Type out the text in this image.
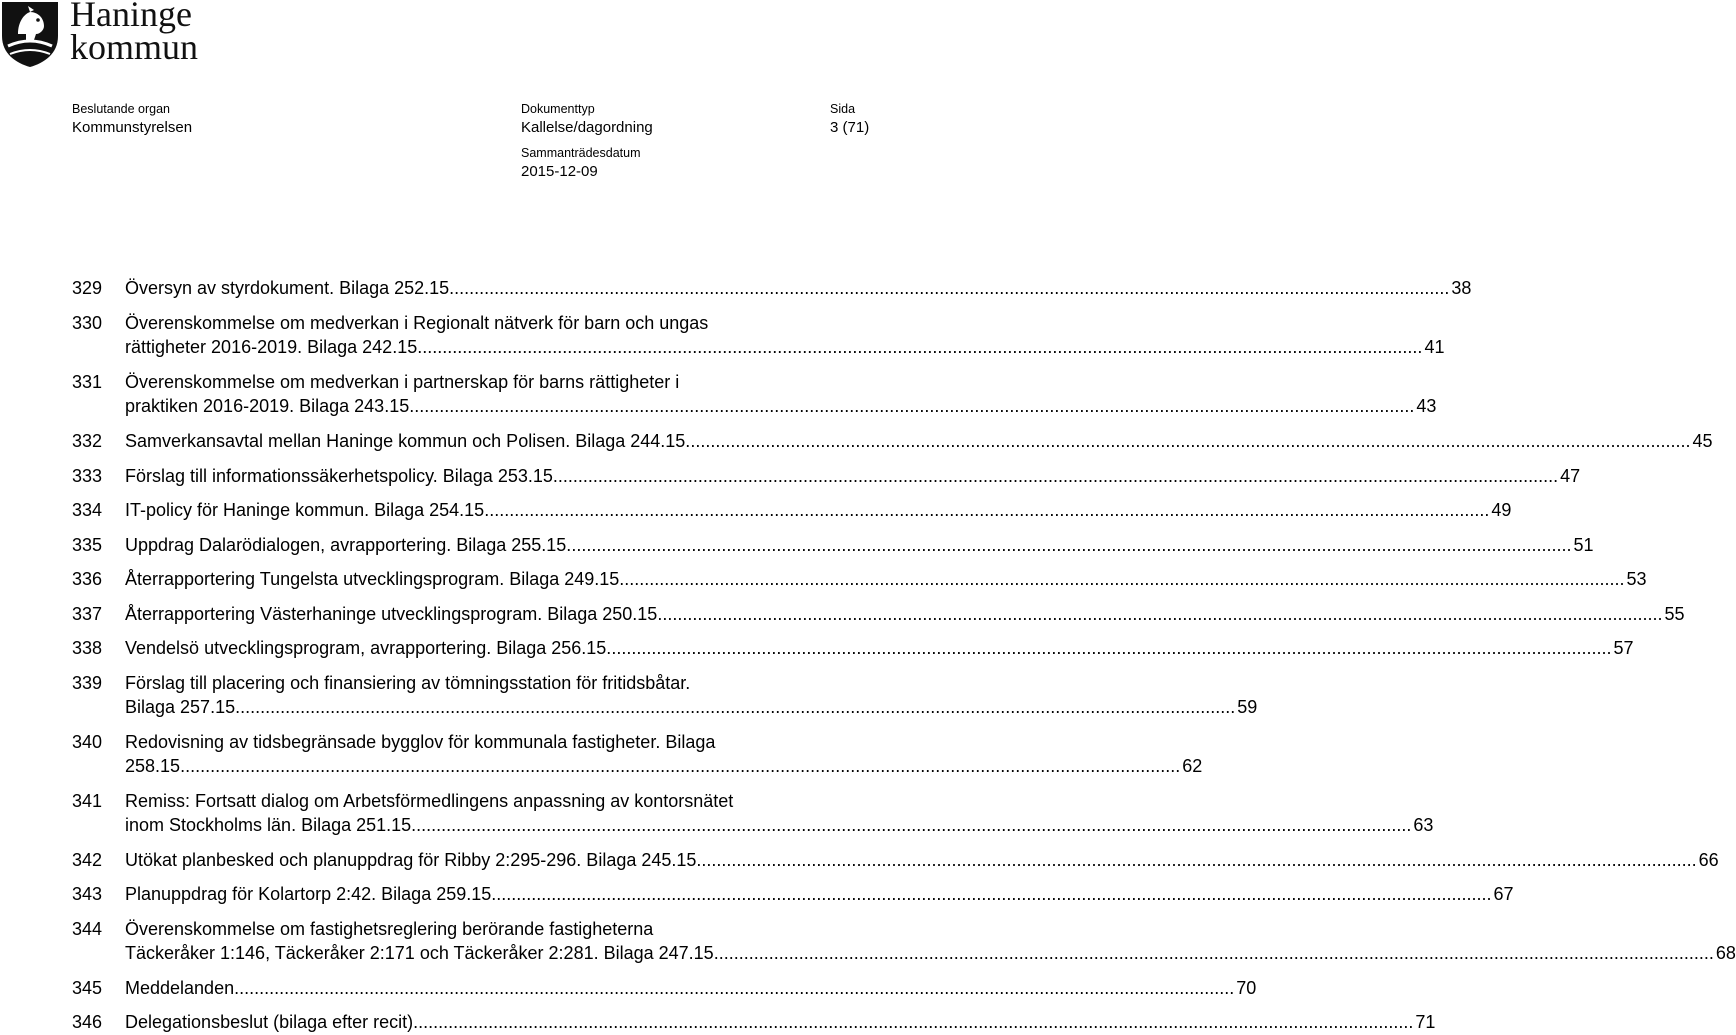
Haninge
kommun
Beslutande organ
Kommunstyrelsen
Dokumenttyp
Kallelse/dagordning
Sammanträdesdatum
2015-12-09
Sida
3 (71)
329	Översyn av styrdokument. Bilaga 252.15 ........................................................................................................................................................................................................ 38
330	Överenskommelse om medverkan i Regionalt nätverk för barn och ungas
rättigheter 2016-2019. Bilaga 242.15. ........................................................................................................................................................................................................ 41
331	Överenskommelse om medverkan i partnerskap för barns rättigheter i
praktiken 2016-2019. Bilaga 243.15. ........................................................................................................................................................................................................ 43
332	Samverkansavtal mellan Haninge kommun och Polisen. Bilaga 244.15. ........................................................................................................................................................................................................ 45
333	Förslag till informationssäkerhetspolicy. Bilaga 253.15. ........................................................................................................................................................................................................ 47
334	IT-policy för Haninge kommun. Bilaga 254.15. ........................................................................................................................................................................................................ 49
335	Uppdrag Dalarödialogen, avrapportering. Bilaga 255.15. ........................................................................................................................................................................................................ 51
336	Återrapportering Tungelsta utvecklingsprogram. Bilaga 249.15. ........................................................................................................................................................................................................ 53
337	Återrapportering Västerhaninge utvecklingsprogram. Bilaga 250.15. ........................................................................................................................................................................................................ 55
338	Vendelsö utvecklingsprogram, avrapportering. Bilaga 256.15. ........................................................................................................................................................................................................ 57
339	Förslag till placering och finansiering av tömningsstation för fritidsbåtar.
Bilaga 257.15 ........................................................................................................................................................................................................ 59
340	Redovisning av tidsbegränsade bygglov för kommunala fastigheter. Bilaga
258.15 ........................................................................................................................................................................................................ 62
341	Remiss: Fortsatt dialog om Arbetsförmedlingens anpassning av kontorsnätet
inom Stockholms län. Bilaga 251.15 ........................................................................................................................................................................................................ 63
342	Utökat planbesked och planuppdrag för Ribby 2:295-296. Bilaga 245.15 ........................................................................................................................................................................................................ 66
343	Planuppdrag för Kolartorp 2:42. Bilaga 259.15 ........................................................................................................................................................................................................ 67
344	Överenskommelse om fastighetsreglering berörande fastigheterna
Täckeråker 1:146, Täckeråker 2:171 och Täckeråker 2:281. Bilaga 247.15 ........................................................................................................................................................................................................ 68
345	Meddelanden ........................................................................................................................................................................................................ 70
346	Delegationsbeslut (bilaga efter recit) ........................................................................................................................................................................................................ 71
